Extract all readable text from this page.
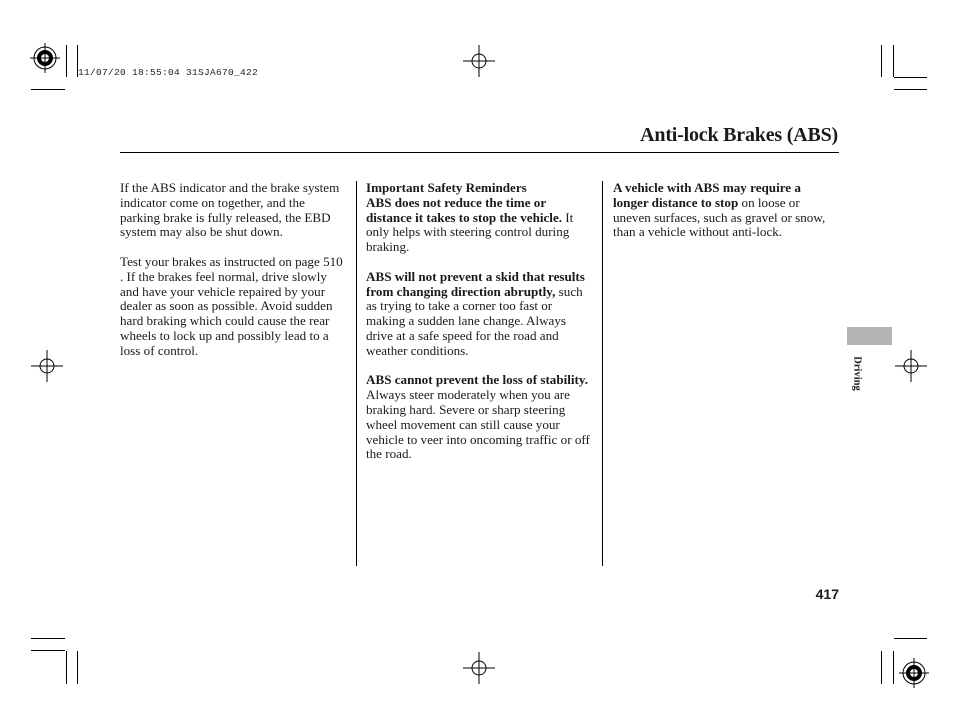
11/07/20 18:55:04 31SJA670_422
Anti-lock Brakes (ABS)

If the ABS indicator and the brake system indicator come on together, and the parking brake is fully released, the EBD system may also be shut down.

Test your brakes as instructed on page 510 . If the brakes feel normal, drive slowly and have your vehicle repaired by your dealer as soon as possible. Avoid sudden hard braking which could cause the rear wheels to lock up and possibly lead to a loss of control.

Important Safety Reminders
ABS does not reduce the time or distance it takes to stop the vehicle. It only helps with steering control during braking.

ABS will not prevent a skid that results from changing direction abruptly, such as trying to take a corner too fast or making a sudden lane change. Always drive at a safe speed for the road and weather conditions.

ABS cannot prevent the loss of stability. Always steer moderately when you are braking hard. Severe or sharp steering wheel movement can still cause your vehicle to veer into oncoming traffic or off the road.

A vehicle with ABS may require a longer distance to stop on loose or uneven surfaces, such as gravel or snow, than a vehicle without anti-lock.

Driving
417
